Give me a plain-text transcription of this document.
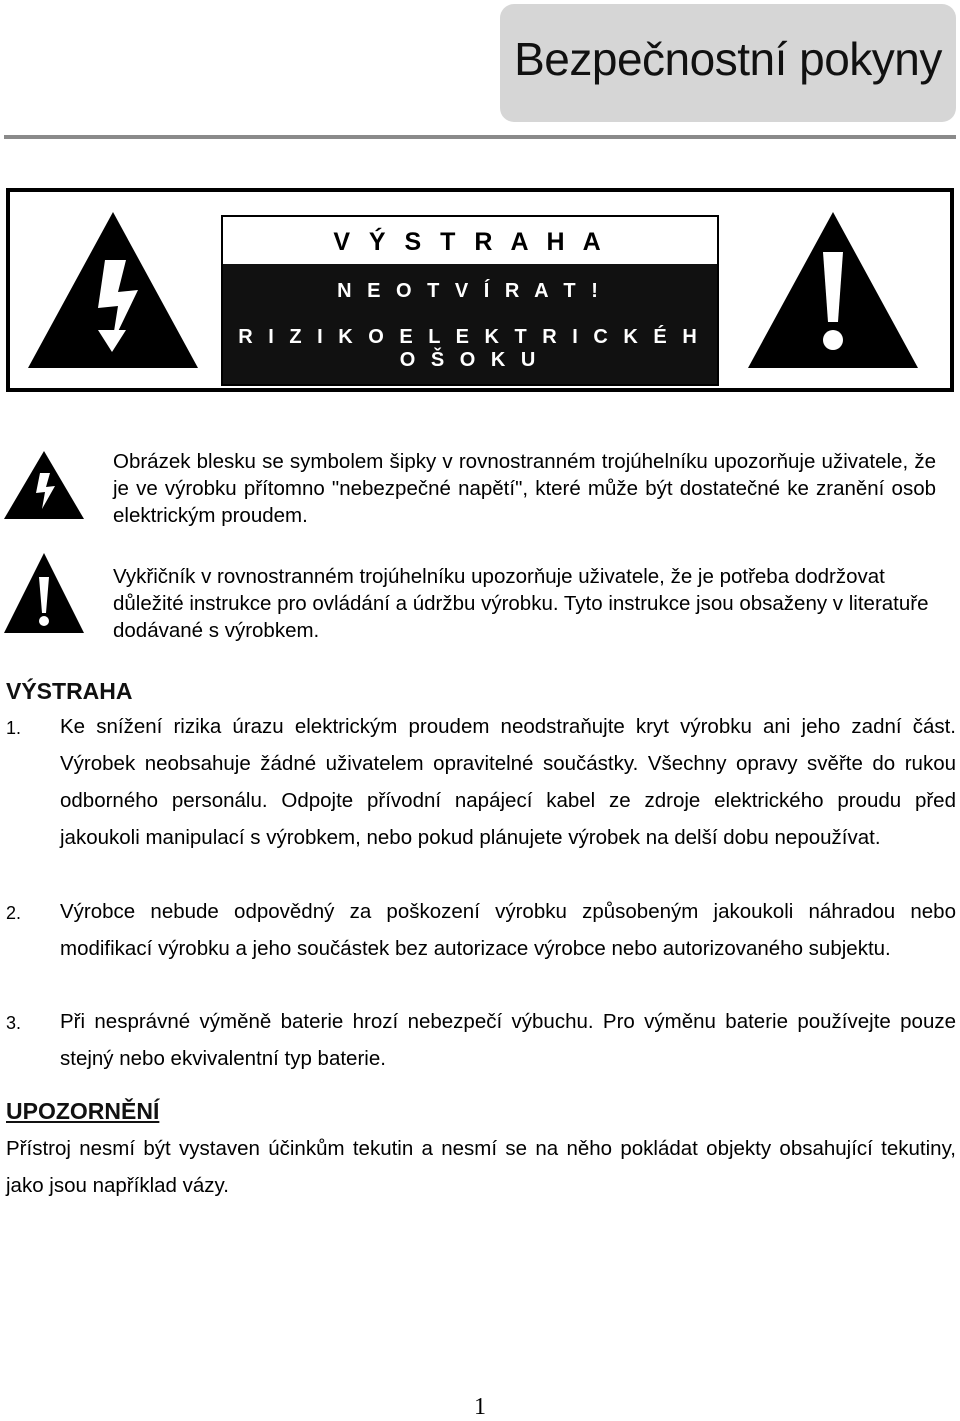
Bezpečnostní pokyny
V Ý S T R A H A
N E O T V Í R A T !
R I Z I K O E L E K T R I C K É H O Š O K U
Obrázek blesku se symbolem šipky v rovnostranném trojúhelníku upozorňuje uživatele, že je ve výrobku přítomno "nebezpečné napětí", které může být dostatečné ke zranění osob elektrickým proudem.
Vykřičník v rovnostranném trojúhelníku upozorňuje uživatele, že je potřeba dodržovat důležité instrukce pro ovládání a údržbu výrobku. Tyto instrukce jsou obsaženy v literatuře dodávané s výrobkem.
VÝSTRAHA
1. Ke snížení rizika úrazu elektrickým proudem neodstraňujte kryt výrobku ani jeho zadní část. Výrobek neobsahuje žádné uživatelem opravitelné součástky. Všechny opravy svěřte do rukou odborného personálu. Odpojte přívodní napájecí kabel ze zdroje elektrického proudu před jakoukoli manipulací s výrobkem, nebo pokud plánujete výrobek na delší dobu nepoužívat.
2. Výrobce nebude odpovědný za poškození výrobku způsobeným jakoukoli náhradou nebo modifikací výrobku a jeho součástek bez autorizace výrobce nebo autorizovaného subjektu.
3. Při nesprávné výměně baterie hrozí nebezpečí výbuchu. Pro výměnu baterie používejte pouze stejný nebo ekvivalentní typ baterie.
UPOZORNĚNÍ
Přístroj nesmí být vystaven účinkům tekutin a nesmí se na něho pokládat objekty obsahující tekutiny, jako jsou například vázy.
1
